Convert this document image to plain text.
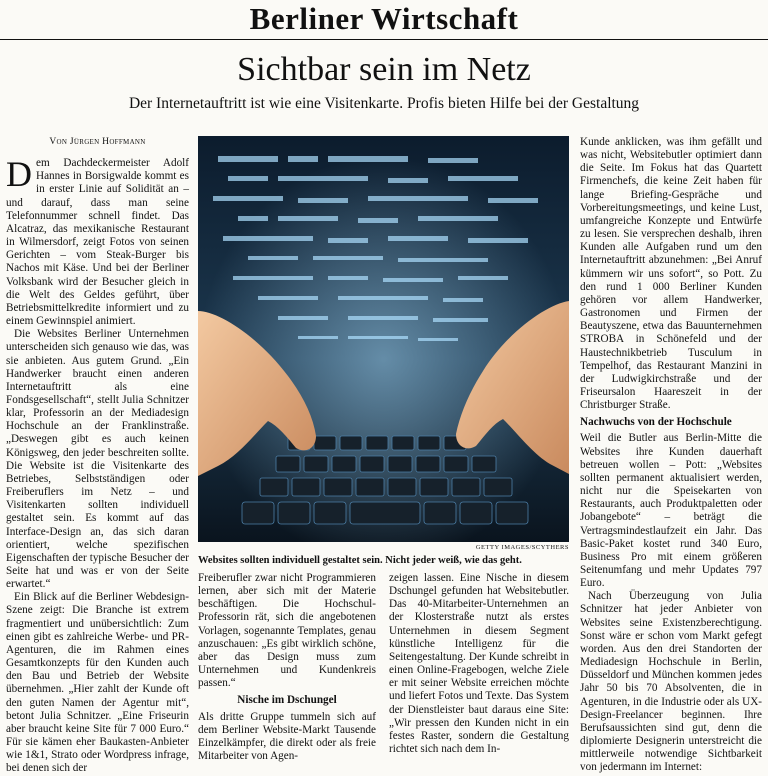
Berliner Wirtschaft
Sichtbar sein im Netz
Der Internetauftritt ist wie eine Visitenkarte. Profis bieten Hilfe bei der Gestaltung
Von Jürgen Hoffmann

Dem Dachdeckermeister Adolf Hannes in Borsigwalde kommt es in erster Linie auf Solidität an – und darauf, dass man seine Telefonnummer schnell findet. Das Alcatraz, das mexikanische Restaurant in Wilmersdorf, zeigt Fotos von seinen Gerichten – vom Steak-Burger bis Nachos mit Käse. Und bei der Berliner Volksbank wird der Besucher gleich in die Welt des Geldes geführt, über Betriebsmittelkredite informiert und zu einem Gewinnspiel animiert.

Die Websites Berliner Unternehmen unterscheiden sich genauso wie das, was sie anbieten. Aus gutem Grund. „Ein Handwerker braucht einen anderen Internetauftritt als eine Fondsgesellschaft“, stellt Julia Schnitzer klar, Professorin an der Mediadesign Hochschule an der Franklinstraße. „Deswegen gibt es auch keinen Königsweg, den jeder beschreiten sollte. Die Website ist die Visitenkarte des Betriebes, Selbstständigen oder Freiberuflers im Netz – und Visitenkarten sollten individuell gestaltet sein. Es kommt auf das Interface-Design an, das sich daran orientiert, welche spezifischen Eigenschaften der typische Besucher der Seite hat und was er von der Seite erwartet.“

Ein Blick auf die Berliner Webdesign-Szene zeigt: Die Branche ist extrem fragmentiert und unübersichtlich: Zum einen gibt es zahlreiche Werbe- und PR-Agenturen, die im Rahmen eines Gesamtkonzepts für den Kunden auch den Bau und Betrieb der Website übernehmen. „Hier zahlt der Kunde oft den guten Namen der Agentur mit“, betont Julia Schnitzer. „Eine Friseurin aber braucht keine Site für 7 000 Euro.“ Für sie kämen eher Baukasten-Anbieter wie 1&1, Strato oder Wordpress infrage, bei denen sich der

GETTY IMAGES/SCYTHERS
Websites sollten individuell gestaltet sein. Nicht jeder weiß, wie das geht.

Freiberufler zwar nicht Programmieren lernen, aber sich mit der Materie beschäftigen. Die Hochschul-Professorin rät, sich die angebotenen Vorlagen, sogenannte Templates, genau anzuschauen: „Es gibt wirklich schöne, aber das Design muss zum Unternehmen und Kundenkreis passen.“

Nische im Dschungel

Als dritte Gruppe tummeln sich auf dem Berliner Website-Markt Tausende Einzelkämpfer, die direkt oder als freie Mitarbeiter von Agen-

zeigen lassen. Eine Nische in diesem Dschungel gefunden hat Websitebutler. Das 40-Mitarbeiter-Unternehmen an der Klosterstraße nutzt als erstes Unternehmen in diesem Segment künstliche Intelligenz für die Seitengestaltung. Der Kunde schreibt in einen Online-Fragebogen, welche Ziele er mit seiner Website erreichen möchte und liefert Fotos und Texte. Das System der Dienstleister baut daraus eine Site: „Wir pressen den Kunden nicht in ein festes Raster, sondern die Gestaltung richtet sich nach dem In-

Kunde anklicken, was ihm gefällt und was nicht, Websitebutler optimiert dann die Seite. Im Fokus hat das Quartett Firmenchefs, die keine Zeit haben für lange Briefing-Gespräche und Vorbereitungsmeetings, und keine Lust, umfangreiche Konzepte und Entwürfe zu lesen. Sie versprechen deshalb, ihren Kunden alle Aufgaben rund um den Internetauftritt abzunehmen: „Bei Anruf kümmern wir uns sofort“, so Pott. Zu den rund 1 000 Berliner Kunden gehören vor allem Handwerker, Gastronomen und Firmen der Beautyszene, etwa das Bauunternehmen STROBA in Schönefeld und der Haustechnikbetrieb Tusculum in Tempelhof, das Restaurant Manzini in der Ludwigkirchstraße und der Friseursalon Haareszeit in der Christburger Straße.

Nachwuchs von der Hochschule

Weil die Butler aus Berlin-Mitte die Websites ihre Kunden dauerhaft betreuen wollen – Pott: „Websites sollten permanent aktualisiert werden, nicht nur die Speisekarten von Restaurants, auch Produktpaletten oder Jobangebote“ – beträgt die Vertragsmindestlaufzeit ein Jahr. Das Basic-Paket kostet rund 340 Euro, Business Pro mit einem größeren Seitenumfang und mehr Updates 797 Euro.

Nach Überzeugung von Julia Schnitzer hat jeder Anbieter von Websites seine Existenzberechtigung. Sonst wäre er schon vom Markt gefegt worden. Aus den drei Standorten der Mediadesign Hochschule in Berlin, Düsseldorf und München kommen jedes Jahr 50 bis 70 Absolventen, die in Agenturen, in die Industrie oder als UX-Design-Freelancer beginnen. Ihre Berufsaussichten sind gut, denn die diplomierte Designerin unterstreicht die mittlerweile notwendige Sichtbarkeit von jedermann im Internet:
